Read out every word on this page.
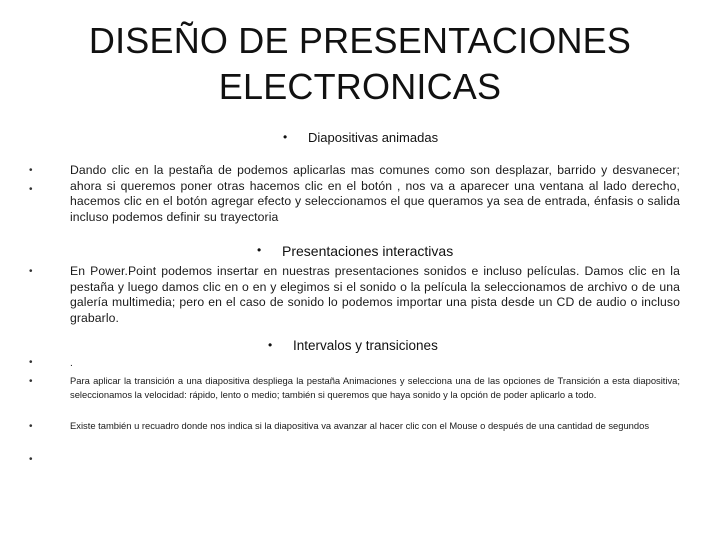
DISEÑO DE PRESENTACIONES
ELECTRONICAS
• Diapositivas animadas
•
•
Dando clic en la pestaña de podemos aplicarlas mas comunes como son desplazar, barrido y desvanecer; ahora si queremos poner otras hacemos clic en el botón , nos va a aparecer una ventana al lado derecho, hacemos clic en el botón agregar efecto y seleccionamos el que queramos ya sea de entrada, énfasis o salida incluso podemos definir su trayectoria
• Presentaciones interactivas
•	En Power.Point podemos insertar en nuestras presentaciones sonidos e incluso películas. Damos clic en la pestaña y luego damos clic en o en y elegimos si el sonido o la película la seleccionamos de archivo o de una galería multimedia; pero en el caso de sonido lo podemos importar una pista desde un CD de audio o incluso grabarlo.
• Intervalos y transiciones
•	.
•	Para aplicar la transición a una diapositiva despliega la pestaña Animaciones y selecciona una de las opciones de Transición a esta diapositiva; seleccionamos la velocidad: rápido, lento o medio; también si queremos que haya sonido y la opción de poder aplicarlo a todo.
•	Existe también u recuadro donde nos indica si la diapositiva va avanzar al hacer clic con el Mouse o después de una cantidad de segundos
•
